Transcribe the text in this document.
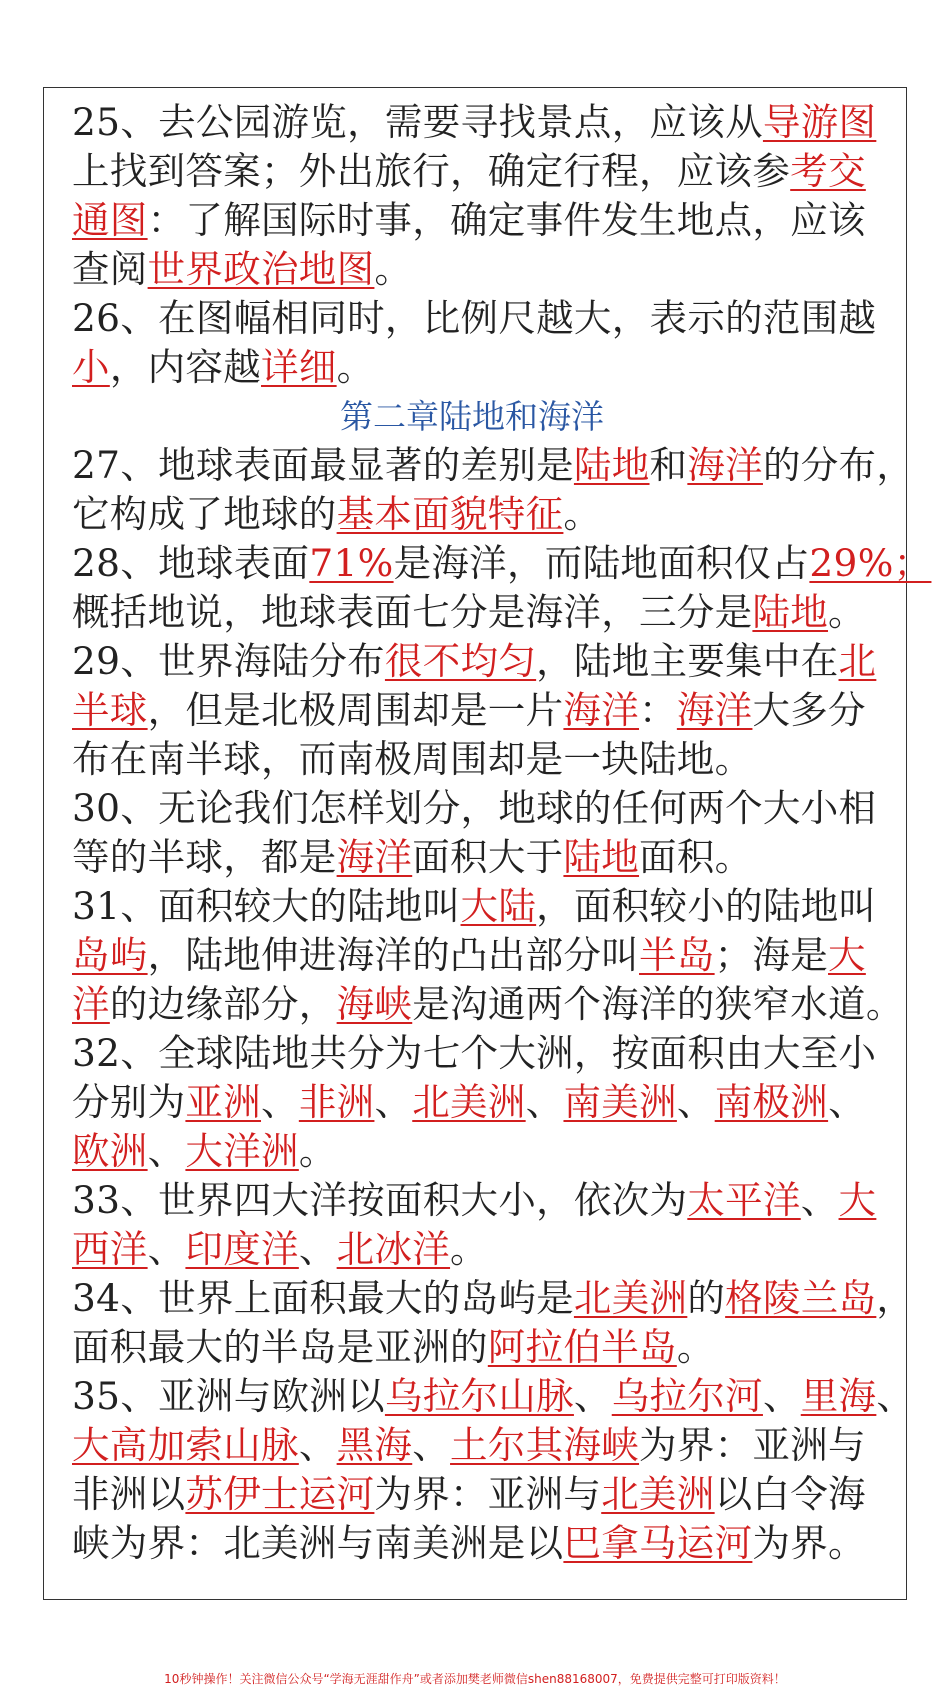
25、去公园游览，需要寻找景点，应该从导游图
上找到答案；外出旅行，确定行程，应该参考交
通图：了解国际时事，确定事件发生地点，应该
查阅世界政治地图。
26、在图幅相同时，比例尺越大，表示的范围越
小，内容越详细。
第二章陆地和海洋
27、地球表面最显著的差别是陆地和海洋的分布，
它构成了地球的基本面貌特征。
28、地球表面71%是海洋，而陆地面积仅占29%；
概括地说，地球表面七分是海洋，三分是陆地。
29、世界海陆分布很不均匀，陆地主要集中在北
半球，但是北极周围却是一片海洋：海洋大多分
布在南半球，而南极周围却是一块陆地。
30、无论我们怎样划分，地球的任何两个大小相
等的半球，都是海洋面积大于陆地面积。
31、面积较大的陆地叫大陆，面积较小的陆地叫
岛屿，陆地伸进海洋的凸出部分叫半岛；海是大
洋的边缘部分，海峡是沟通两个海洋的狭窄水道。
32、全球陆地共分为七个大洲，按面积由大至小
分别为亚洲、非洲、北美洲、南美洲、南极洲、
欧洲、大洋洲。
33、世界四大洋按面积大小，依次为太平洋、大
西洋、印度洋、北冰洋。
34、世界上面积最大的岛屿是北美洲的格陵兰岛，
面积最大的半岛是亚洲的阿拉伯半岛。
35、亚洲与欧洲以乌拉尔山脉、乌拉尔河、里海、
大高加索山脉、黑海、土尔其海峡为界：亚洲与
非洲以苏伊士运河为界：亚洲与北美洲以白令海
峡为界：北美洲与南美洲是以巴拿马运河为界。
10秒钟操作！关注微信公众号“学海无涯甜作舟”或者添加樊老师微信shen88168007，免费提供完整可打印版资料！
